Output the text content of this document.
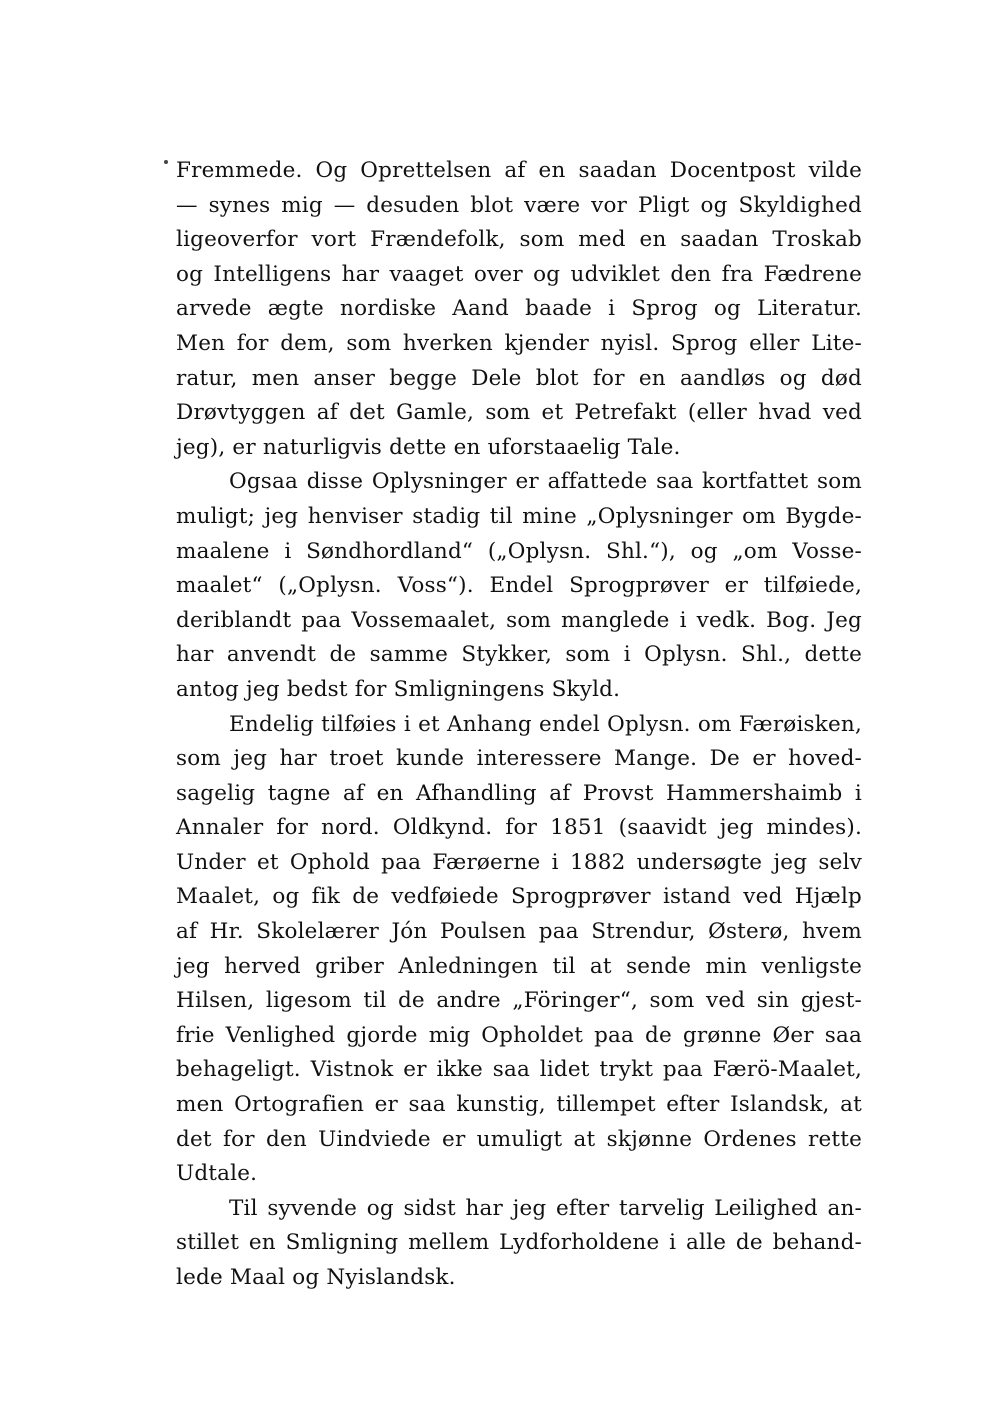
Fremmede. Og Oprettelsen af en saadan Docentpost vilde
— synes mig — desuden blot være vor Pligt og Skyldighed
ligeoverfor vort Frændefolk, som med en saadan Troskab
og Intelligens har vaaget over og udviklet den fra Fædrene
arvede ægte nordiske Aand baade i Sprog og Literatur.
Men for dem, som hverken kjender nyisl. Sprog eller Lite-
ratur, men anser begge Dele blot for en aandløs og død
Drøvtyggen af det Gamle, som et Petrefakt (eller hvad ved
jeg), er naturligvis dette en uforstaaelig Tale.
Ogsaa disse Oplysninger er affattede saa kortfattet som
muligt; jeg henviser stadig til mine „Oplysninger om Bygde-
maalene i Søndhordland“ („Oplysn. Shl.“), og „om Vosse-
maalet“ („Oplysn. Voss“). Endel Sprogprøver er tilføiede,
deriblandt paa Vossemaalet, som manglede i vedk. Bog. Jeg
har anvendt de samme Stykker, som i Oplysn. Shl., dette
antog jeg bedst for Smligningens Skyld.
Endelig tilføies i et Anhang endel Oplysn. om Færøisken,
som jeg har troet kunde interessere Mange. De er hoved-
sagelig tagne af en Afhandling af Provst Hammershaimb i
Annaler for nord. Oldkynd. for 1851 (saavidt jeg mindes).
Under et Ophold paa Færøerne i 1882 undersøgte jeg selv
Maalet, og fik de vedføiede Sprogprøver istand ved Hjælp
af Hr. Skolelærer Jón Poulsen paa Strendur, Østerø, hvem
jeg herved griber Anledningen til at sende min venligste
Hilsen, ligesom til de andre „Föringer“, som ved sin gjest-
frie Venlighed gjorde mig Opholdet paa de grønne Øer saa
behageligt. Vistnok er ikke saa lidet trykt paa Færö-Maalet,
men Ortografien er saa kunstig, tillempet efter Islandsk, at
det for den Uindviede er umuligt at skjønne Ordenes rette
Udtale.
Til syvende og sidst har jeg efter tarvelig Leilighed an-
stillet en Smligning mellem Lydforholdene i alle de behand-
lede Maal og Nyislandsk.
